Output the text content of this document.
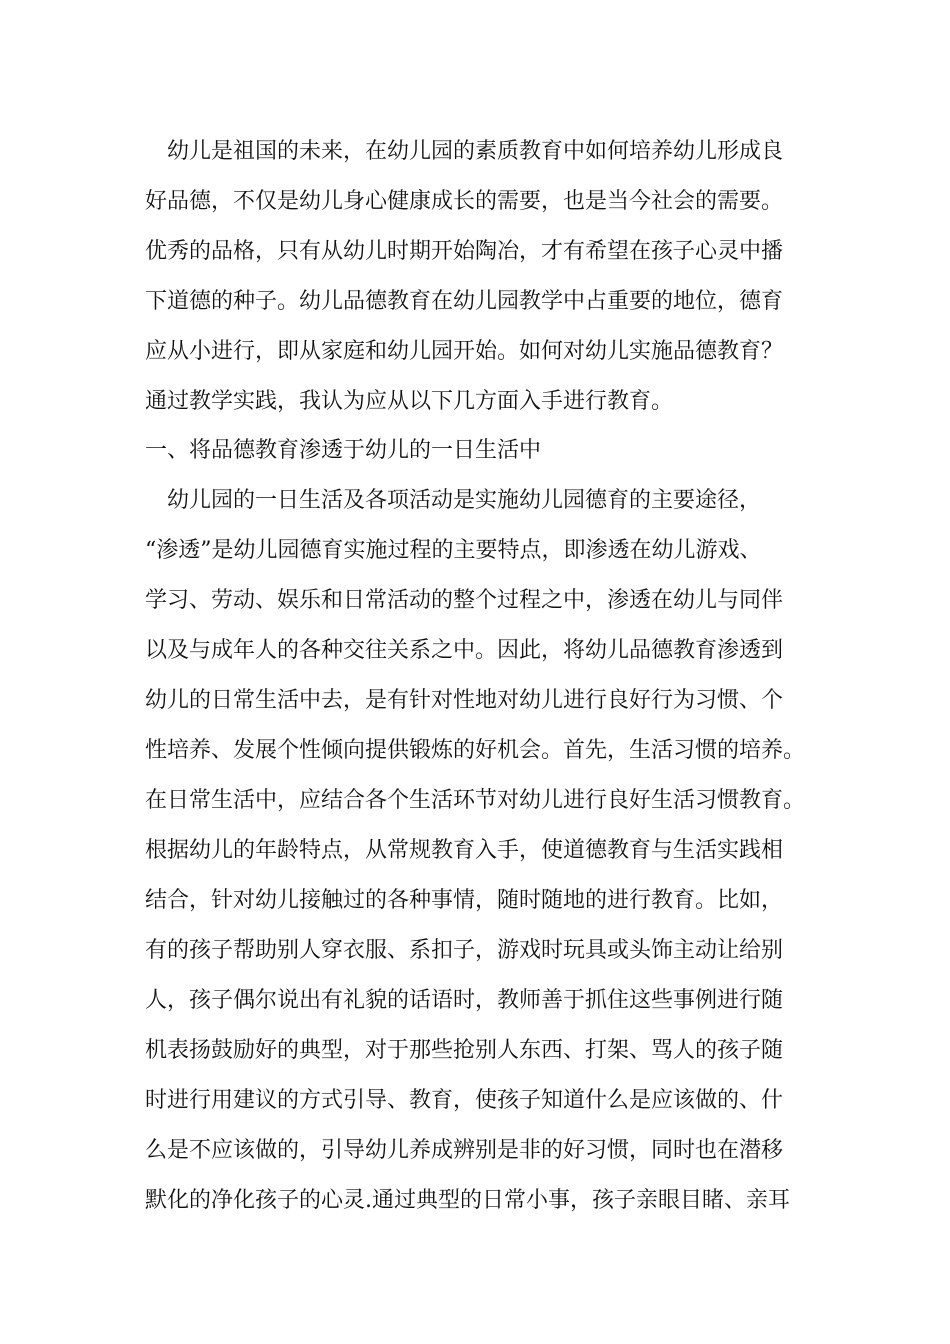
　幼儿是祖国的未来，在幼儿园的素质教育中如何培养幼儿形成良

好品德，不仅是幼儿身心健康成长的需要，也是当今社会的需要。

优秀的品格，只有从幼儿时期开始陶冶，才有希望在孩子心灵中播

下道德的种子。幼儿品德教育在幼儿园教学中占重要的地位，德育

应从小进行，即从家庭和幼儿园开始。如何对幼儿实施品德教育？

通过教学实践，我认为应从以下几方面入手进行教育。

一、将品德教育渗透于幼儿的一日生活中

　幼儿园的一日生活及各项活动是实施幼儿园德育的主要途径，

“渗透”是幼儿园德育实施过程的主要特点，即渗透在幼儿游戏、

学习、劳动、娱乐和日常活动的整个过程之中，渗透在幼儿与同伴

以及与成年人的各种交往关系之中。因此，将幼儿品德教育渗透到

幼儿的日常生活中去，是有针对性地对幼儿进行良好行为习惯、个

性培养、发展个性倾向提供锻炼的好机会。首先，生活习惯的培养。

在日常生活中，应结合各个生活环节对幼儿进行良好生活习惯教育。

根据幼儿的年龄特点，从常规教育入手，使道德教育与生活实践相

结合，针对幼儿接触过的各种事情，随时随地的进行教育。比如，

有的孩子帮助别人穿衣服、系扣子，游戏时玩具或头饰主动让给别

人，孩子偶尔说出有礼貌的话语时，教师善于抓住这些事例进行随

机表扬鼓励好的典型，对于那些抢别人东西、打架、骂人的孩子随

时进行用建议的方式引导、教育，使孩子知道什么是应该做的、什

么是不应该做的，引导幼儿养成辨别是非的好习惯，同时也在潜移

默化的净化孩子的心灵.通过典型的日常小事，孩子亲眼目睹、亲耳
